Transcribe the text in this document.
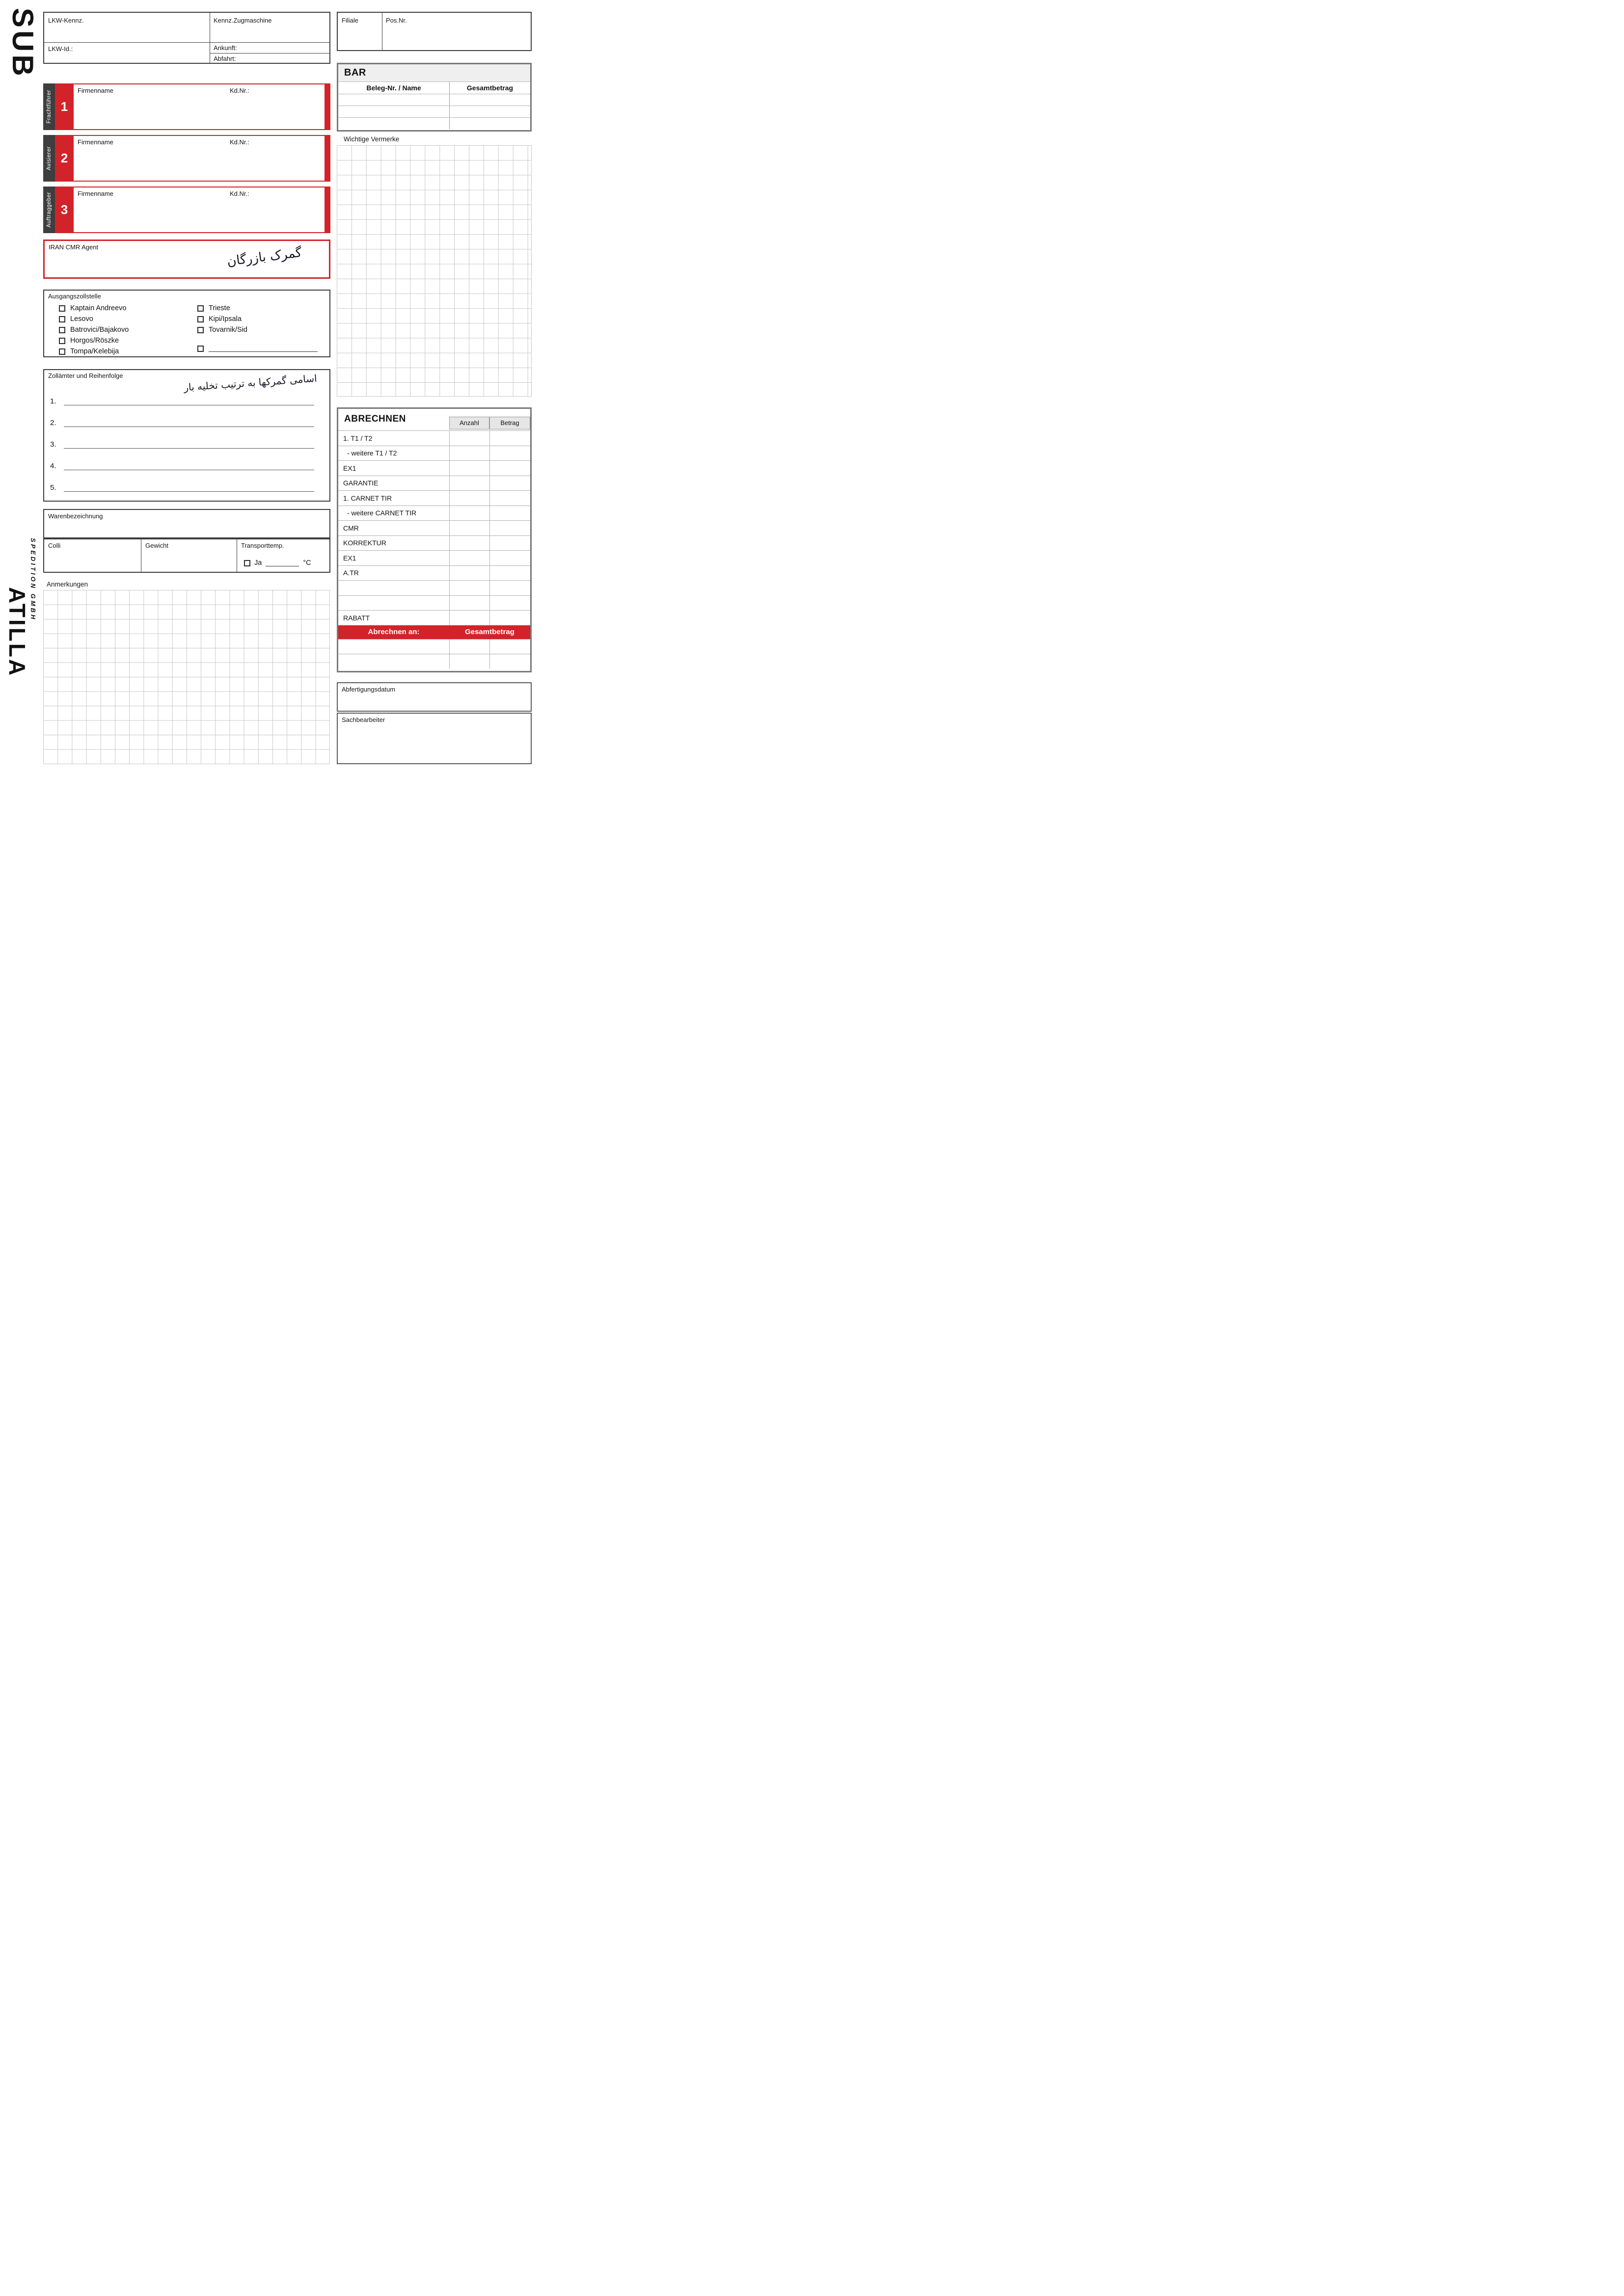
SUB LKW-Kennz.
LKW-Id.:
Kennz.Zugmaschine
Ankunft:
Abfahrt:
Filiale	Pos.Nr.
BAR
Beleg-Nr. / Name	Gesamtbetrag
Frachtführer 1
Firmenname	Kd.Nr.:
Avisierer 2
Firmenname	Kd.Nr.:
Auftraggeber 3
Firmenname	Kd.Nr.:
IRAN CMR Agent	گمرک بازرگان
Wichtige Vermerke
Ausgangszollstelle
Kaptain Andreevo
Lesovo
Batrovici/Bajakovo
Horgos/Röszke
Tompa/Kelebija
Trieste
Kipi/Ipsala
Tovarnik/Sid
Zollämter und Reihenfolge	اسامی گمرکها به ترتیب تخلیه بار
1.
2.
3.
4.
5.
Warenbezeichnung
Colli	Gewicht	Transporttemp.
Ja	°C
Anmerkungen
ABRECHNEN	Anzahl	Betrag
1. T1 / T2
- weitere T1 / T2
EX1
GARANTIE
1. CARNET TIR
- weitere CARNET TIR
CMR
KORREKTUR
EX1
A.TR
RABATT
Abrechnen an:	Gesamtbetrag
Abfertigungsdatum
Sachbearbeiter
ATILLA
SPEDITION GMBH
